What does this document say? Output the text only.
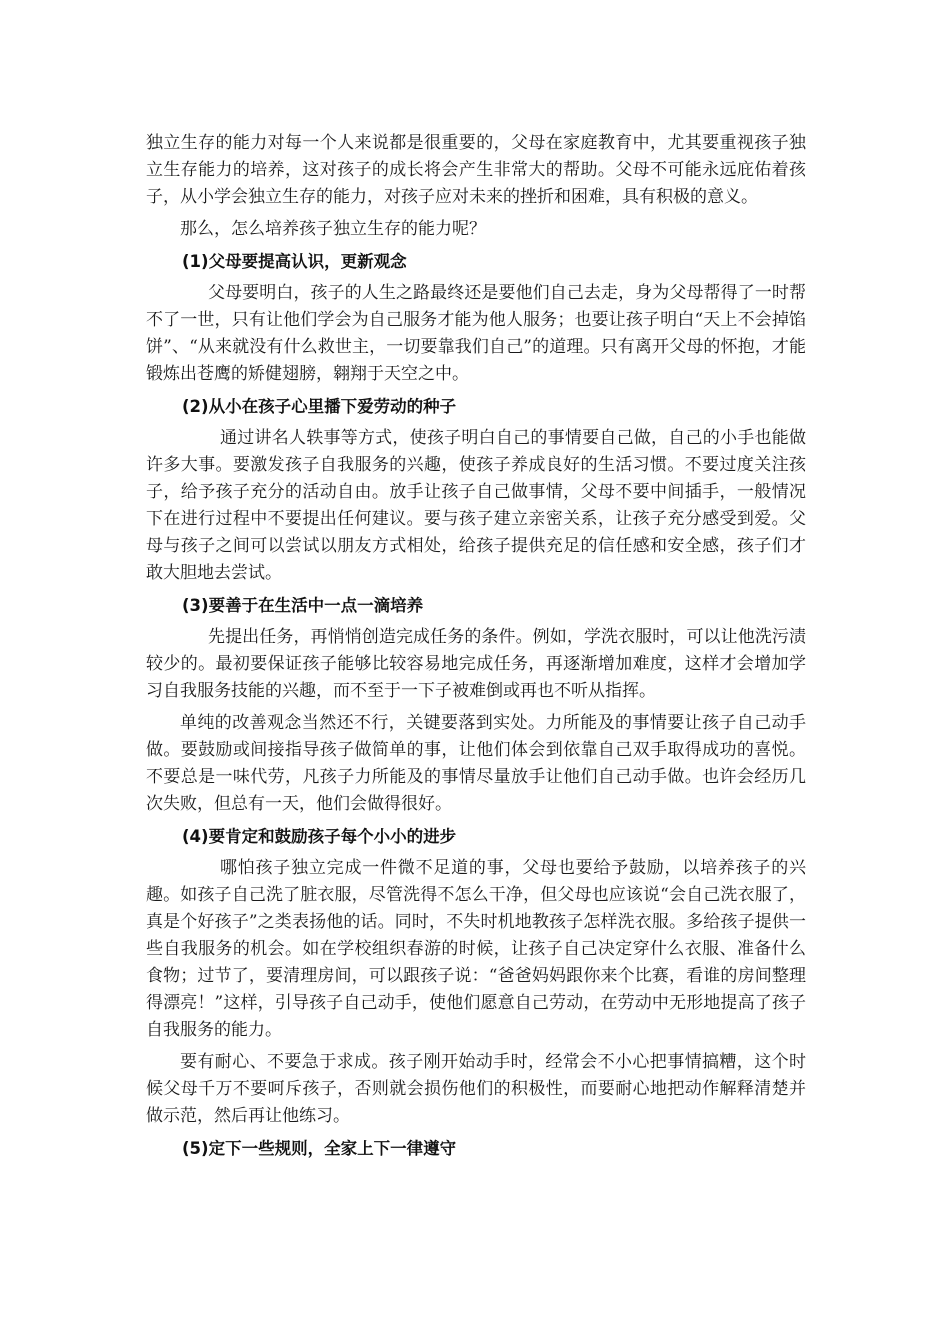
独立生存的能力对每一个人来说都是很重要的，父母在家庭教育中，尤其要重视孩子独立生存能力的培养，这对孩子的成长将会产生非常大的帮助。父母不可能永远庇佑着孩子，从小学会独立生存的能力，对孩子应对未来的挫折和困难，具有积极的意义。

那么，怎么培养孩子独立生存的能力呢？

(1)父母要提高认识，更新观念

父母要明白，孩子的人生之路最终还是要他们自己去走，身为父母帮得了一时帮不了一世，只有让他们学会为自己服务才能为他人服务；也要让孩子明白“天上不会掉馅饼”、“从来就没有什么救世主，一切要靠我们自己”的道理。只有离开父母的怀抱，才能锻炼出苍鹰的矫健翅膀，翱翔于天空之中。

(2)从小在孩子心里播下爱劳动的种子

通过讲名人轶事等方式，使孩子明白自己的事情要自己做，自己的小手也能做许多大事。要激发孩子自我服务的兴趣，使孩子养成良好的生活习惯。不要过度关注孩子，给予孩子充分的活动自由。放手让孩子自己做事情，父母不要中间插手，一般情况下在进行过程中不要提出任何建议。要与孩子建立亲密关系，让孩子充分感受到爱。父母与孩子之间可以尝试以朋友方式相处，给孩子提供充足的信任感和安全感，孩子们才敢大胆地去尝试。

(3)要善于在生活中一点一滴培养

先提出任务，再悄悄创造完成任务的条件。例如，学洗衣服时，可以让他洗污渍较少的。最初要保证孩子能够比较容易地完成任务，再逐渐增加难度，这样才会增加学习自我服务技能的兴趣，而不至于一下子被难倒或再也不听从指挥。

单纯的改善观念当然还不行，关键要落到实处。力所能及的事情要让孩子自己动手做。要鼓励或间接指导孩子做简单的事，让他们体会到依靠自己双手取得成功的喜悦。不要总是一味代劳，凡孩子力所能及的事情尽量放手让他们自己动手做。也许会经历几次失败，但总有一天，他们会做得很好。

(4)要肯定和鼓励孩子每个小小的进步

哪怕孩子独立完成一件微不足道的事，父母也要给予鼓励，以培养孩子的兴趣。如孩子自己洗了脏衣服，尽管洗得不怎么干净，但父母也应该说“会自己洗衣服了，真是个好孩子”之类表扬他的话。同时，不失时机地教孩子怎样洗衣服。多给孩子提供一些自我服务的机会。如在学校组织春游的时候，让孩子自己决定穿什么衣服、准备什么食物；过节了，要清理房间，可以跟孩子说：“爸爸妈妈跟你来个比赛，看谁的房间整理得漂亮！”这样，引导孩子自己动手，使他们愿意自己劳动，在劳动中无形地提高了孩子自我服务的能力。

要有耐心、不要急于求成。孩子刚开始动手时，经常会不小心把事情搞糟，这个时候父母千万不要呵斥孩子，否则就会损伤他们的积极性，而要耐心地把动作解释清楚并做示范，然后再让他练习。

(5)定下一些规则，全家上下一律遵守
